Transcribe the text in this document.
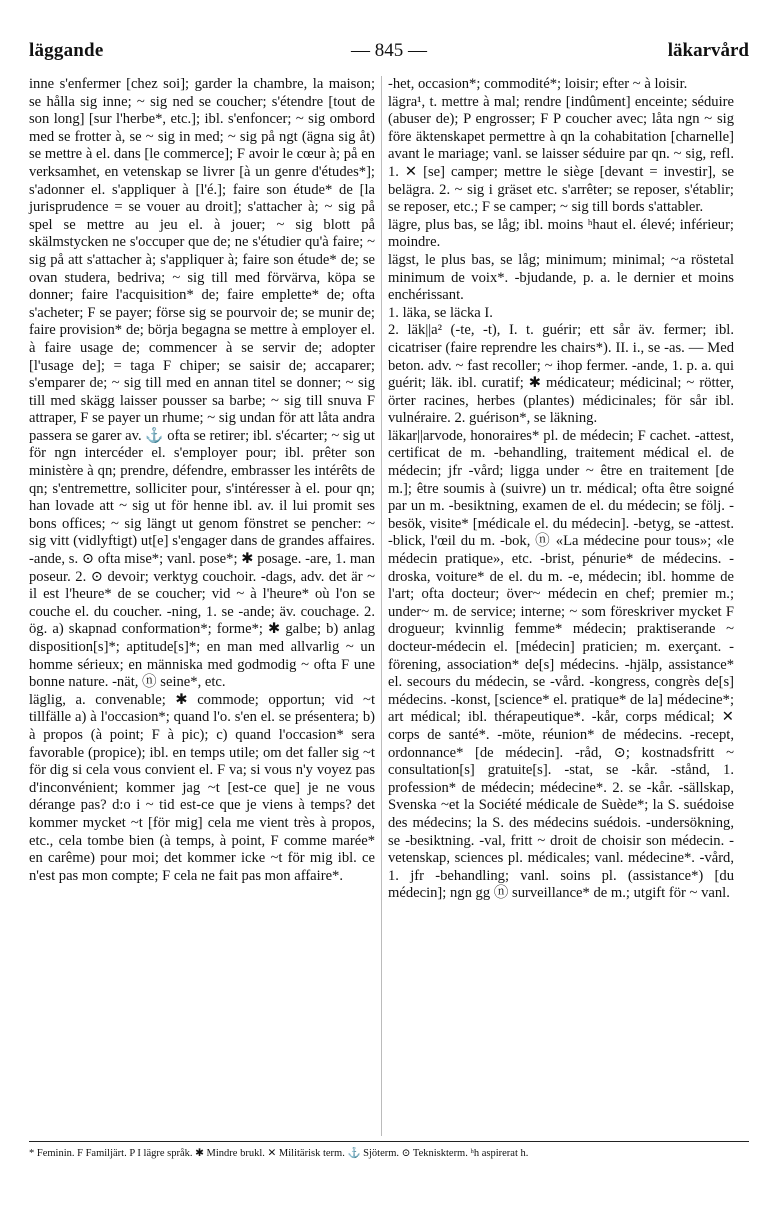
läggande	— 845 —	läkarvård

inne s'enfermer [chez soi]; garder la chambre, la maison; se hålla sig inne; ~ sig ned se coucher; s'étendre [tout de son long] [sur l'herbe*, etc.]; ibl. s'enfoncer; ~ sig ombord med se frotter à, se ~ sig in med; ~ sig på ngt (ägna sig åt) se mettre à el. dans [le commerce]; F avoir le cœur à; på en verksamhet, en vetenskap se livrer [à un genre d'études*]; s'adonner el. s'appliquer à [l'é.]; faire son étude* de [la jurisprudence = se vouer au droit]; s'attacher à; ~ sig på spel se mettre au jeu el. à jouer; ~ sig blott på skälmstycken ne s'occuper que de; ne s'étudier qu'à faire; ~ sig på att s'attacher à; s'appliquer à; faire son étude* de; se ovan studera, bedriva; ~ sig till med förvärva, köpa se donner; faire l'acquisition* de; faire emplette* de; ofta s'acheter; F se payer; förse sig se pourvoir de; se munir de; faire provision* de; börja begagna se mettre à employer el. à faire usage de; commencer à se servir de; adopter [l'usage de]; = taga F chiper; se saisir de; accaparer; s'emparer de; ~ sig till med en annan titel se donner; ~ sig till med skägg laisser pousser sa barbe; ~ sig till snuva F attraper, F se payer un rhume; ~ sig undan för att låta andra passera se garer av. ⚓ ofta se retirer; ibl. s'écarter; ~ sig ut för ngn intercéder el. s'employer pour; ibl. prêter son ministère à qn; prendre, défendre, embrasser les intérêts de qn; s'entremettre, solliciter pour, s'intéresser à el. pour qn; han lovade att ~ sig ut för henne ibl. av. il lui promit ses bons offices; ~ sig längt ut genom fönstret se pencher: ~ sig vitt (vidlyftigt) ut[e] s'engager dans de grandes affaires. -ande, s. ⊙ ofta mise*; vanl. pose*; ✱ posage. -are, 1. man poseur. 2. ⊙ devoir; verktyg couchoir. -dags, adv. det är ~ il est l'heure* de se coucher; vid ~ à l'heure* où l'on se couche el. du coucher. -ning, 1. se -ande; äv. couchage. 2. ög. a) skapnad conformation*; forme*; ✱ galbe; b) anlag disposition[s]*; aptitude[s]*; en man med allvarlig ~ un homme sérieux; en människa med godmodig ~ ofta F une bonne nature. -nät, ⓝ seine*, etc.

läglig, a. convenable; ✱ commode; opportun; vid ~t tillfälle a) à l'occasion*; quand l'o. s'en el. se présentera; b) à propos (à point; F à pic); c) quand l'occasion* sera favorable (propice); ibl. en temps utile; om det faller sig ~t för dig si cela vous convient el. F va; si vous n'y voyez pas d'inconvénient; kommer jag ~t [est-ce que] je ne vous dérange pas? d:o i ~ tid est-ce que je viens à temps? det kommer mycket ~t [för mig] cela me vient très à propos, etc., cela tombe bien (à temps, à point, F comme marée* en carême) pour moi; det kommer icke ~t för mig ibl. ce n'est pas mon compte; F cela ne fait pas mon affaire*.

-het, occasion*; commodité*; loisir; efter ~ à loisir.

lägra¹, t. mettre à mal; rendre [indûment] enceinte; séduire (abuser de); P engrosser; F P coucher avec; låta ngn ~ sig före äktenskapet permettre à qn la cohabitation [charnelle] avant le mariage; vanl. se laisser séduire par qn. ~ sig, refl. 1. ✕ [se] camper; mettre le siège [devant = investir], se belägra. 2. ~ sig i gräset etc. s'arrêter; se reposer, s'établir; se reposer, etc.; F se camper; ~ sig till bords s'attabler.

lägre, plus bas, se låg; ibl. moins ʰhaut el. élevé; inférieur; moindre.

lägst, le plus bas, se låg; minimum; minimal; ~a röstetal minimum de voix*. -bjudande, p. a. le dernier et moins enchérissant.

1. läka, se läcka I.

2. läk||a² (-te, -t), I. t. guérir; ett sår äv. fermer; ibl. cicatriser (faire reprendre les chairs*). II. i., se -as. — Med beton. adv. ~ fast recoller; ~ ihop fermer. -ande, 1. p. a. qui guérit; läk. ibl. curatif; ✱ médicateur; médicinal; ~ rötter, örter racines, herbes (plantes) médicinales; för sår ibl. vulnéraire. 2. guérison*, se läkning.

läkar||arvode, honoraires* pl. de médecin; F cachet. -attest, certificat de m. -behandling, traitement médical el. de médecin; jfr -vård; ligga under ~ être en traitement [de m.]; être soumis à (suivre) un tr. médical; ofta être soigné par un m. -besiktning, examen de el. du médecin; se följ. -besök, visite* [médicale el. du médecin]. -betyg, se -attest. -blick, l'œil du m. -bok, ⓝ «La médecine pour tous»; «le médecin pratique», etc. -brist, pénurie* de médecins. -droska, voiture* de el. du m. -e, médecin; ibl. homme de l'art; ofta docteur; över~ médecin en chef; premier m.; under~ m. de service; interne; ~ som föreskriver mycket F drogueur; kvinnlig femme* médecin; praktiserande ~ docteur-médecin el. [médecin] praticien; m. exerçant. -förening, association* de[s] médecins. -hjälp, assistance* el. secours du médecin, se -vård. -kongress, congrès de[s] médecins. -konst, [science* el. pratique* de la] médecine*; art médical; ibl. thérapeutique*. -kår, corps médical; ✕ corps de santé*. -möte, réunion* de médecins. -recept, ordonnance* [de médecin]. -råd, ⊙; kostnadsfritt ~ consultation[s] gratuite[s]. -stat, se -kår. -stånd, 1. profession* de médecin; médecine*. 2. se -kår. -sällskap, Svenska ~et la Société médicale de Suède*; la S. suédoise des médecins; la S. des médecins suédois. -undersökning, se -besiktning. -val, fritt ~ droit de choisir son médecin. -vetenskap, sciences pl. médicales; vanl. médecine*. -vård, 1. jfr -behandling; vanl. soins pl. (assistance*) [du médecin]; ngn gg ⓝ surveillance* de m.; utgift för ~ vanl.

* Feminin. F Familjärt. P I lägre språk. ✱ Mindre brukl. ✕ Militärisk term. ⚓ Sjöterm. ⊙ Tekniskterm. ʰh aspirerat h.
